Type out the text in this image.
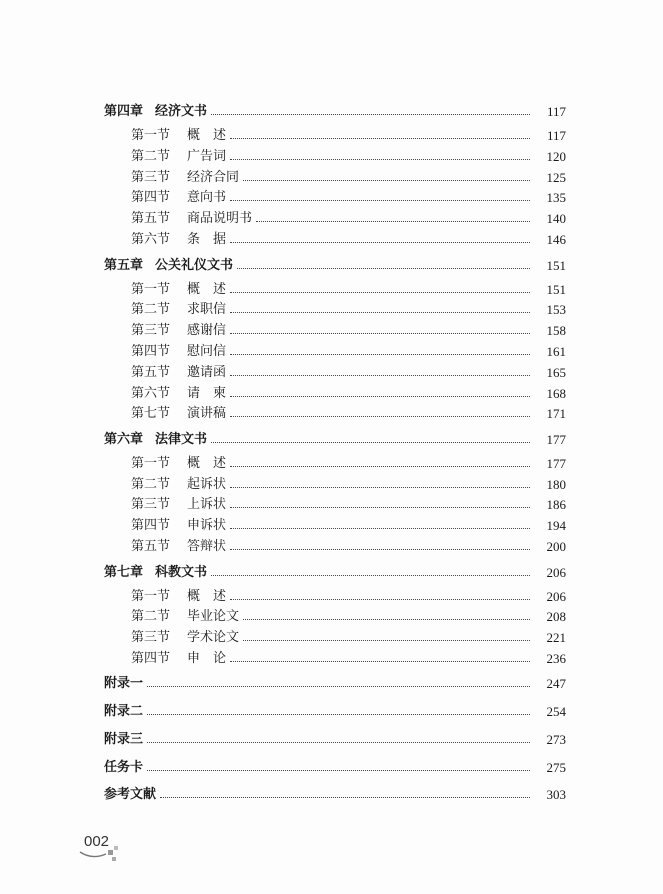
第四章 经济文书	117
第一节 概　述	117
第二节 广告词	120
第三节 经济合同	125
第四节 意向书	135
第五节 商品说明书	140
第六节 条　据	146
第五章 公关礼仪文书	151
第一节 概　述	151
第二节 求职信	153
第三节 感谢信	158
第四节 慰问信	161
第五节 邀请函	165
第六节 请　柬	168
第七节 演讲稿	171
第六章 法律文书	177
第一节 概　述	177
第二节 起诉状	180
第三节 上诉状	186
第四节 申诉状	194
第五节 答辩状	200
第七章 科教文书	206
第一节 概　述	206
第二节 毕业论文	208
第三节 学术论文	221
第四节 申　论	236
附录一	247
附录二	254
附录三	273
任务卡	275
参考文献	303
002
